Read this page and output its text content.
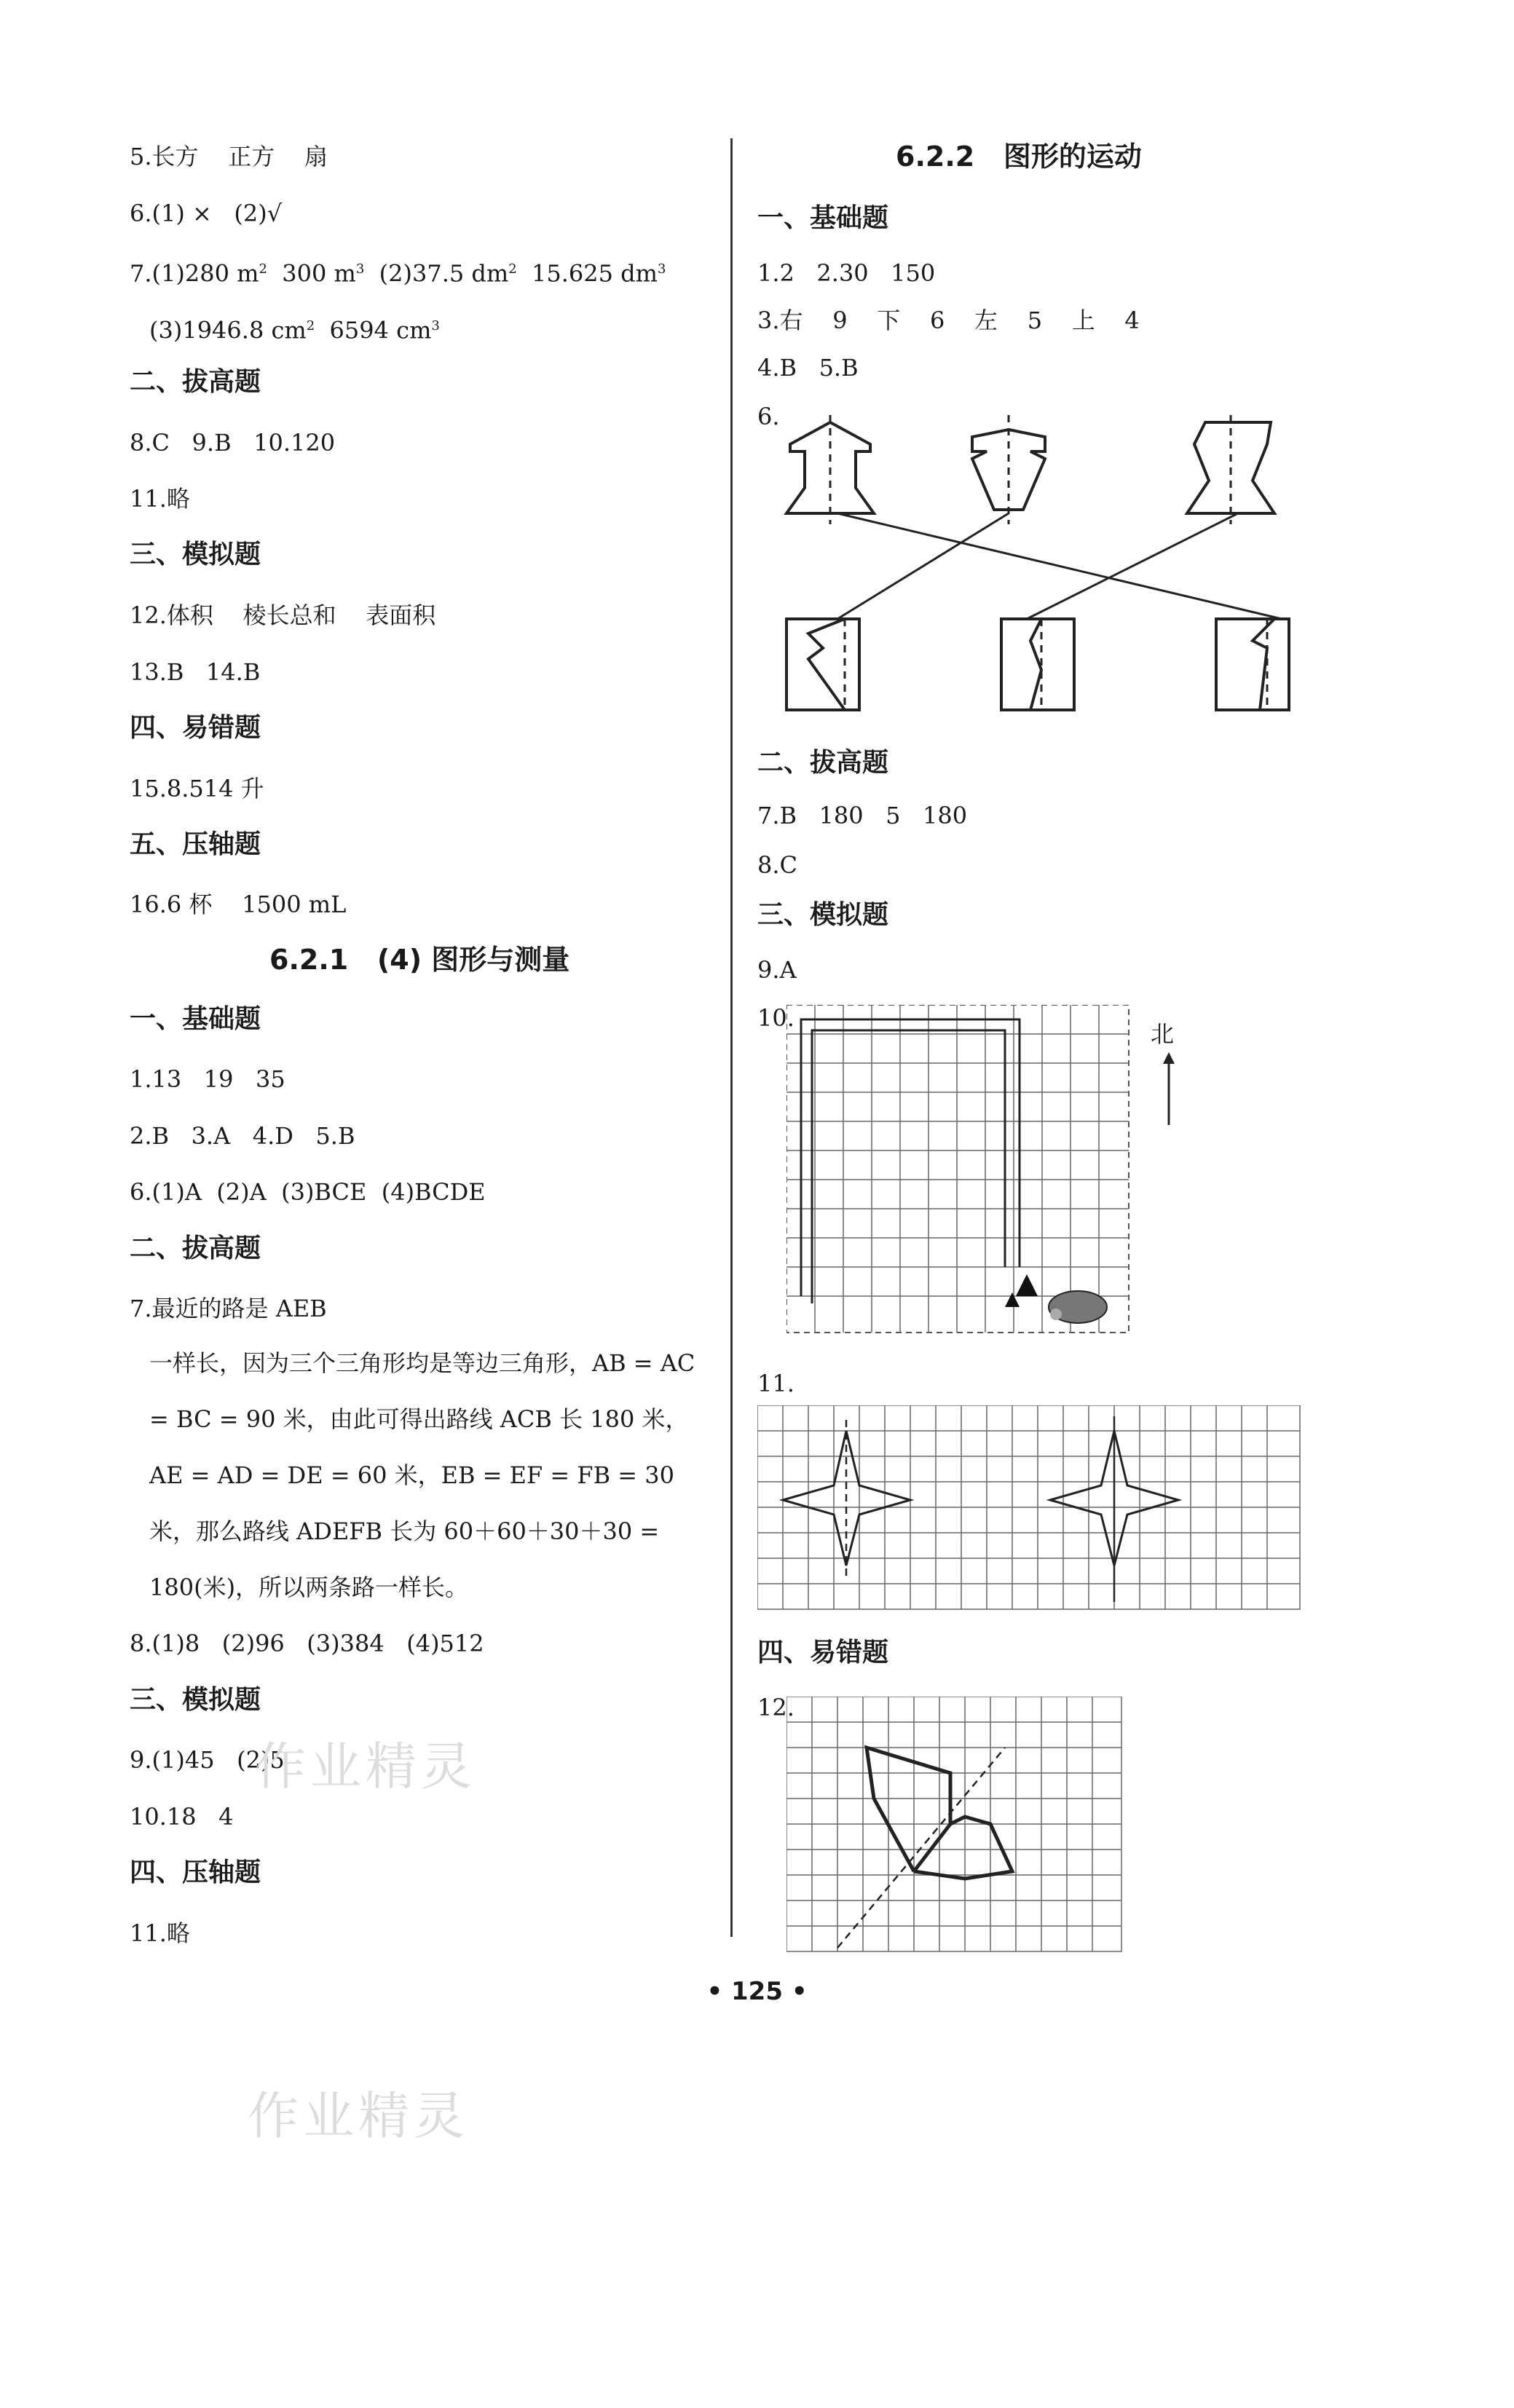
5.长方    正方    扇
6.(1) ×   (2)√
7.(1)280 $m^2$  300 $m^3$  (2)37.5 $dm^2$  15.625 $dm^3$
(3)1946.8 $cm^2$  6594 $cm^3$
二、拔高题
8.C   9.B   10.120
11.略
三、模拟题
12.体积    棱长总和    表面积
13.B   14.B
四、易错题
15.8.514 升
五、压轴题
16.6 杯    1500 mL
6.2.1   (4) 图形与测量
一、基础题
1.13   19   35
2.B   3.A   4.D   5.B
6.(1)A  (2)A  (3)BCE  (4)BCDE
二、拔高题
7.最近的路是 AEB
一样长，因为三个三角形均是等边三角形，AB = AC = BC = 90 米，由此可得出路线 ACB 长 180 米，AE = AD = DE = 60 米，EB = EF = FB = 30 米，那么路线 ADEFB 长为 60＋60＋30＋30 = 180(米)，所以两条路一样长。
8.(1)8   (2)96   (3)384   (4)512
三、模拟题
9.(1)45   (2)5
10.18   4
四、压轴题
11.略
6.2.2   图形的运动
一、基础题
1.2   2.30   150
3.右    9    下    6    左    5    上    4
4.B   5.B
6.
二、拔高题
7.B   180   5   180
8.C
三、模拟题
9.A
10.
北
11.
四、易错题
12.
• 125 •
作业精灵
作业精灵
